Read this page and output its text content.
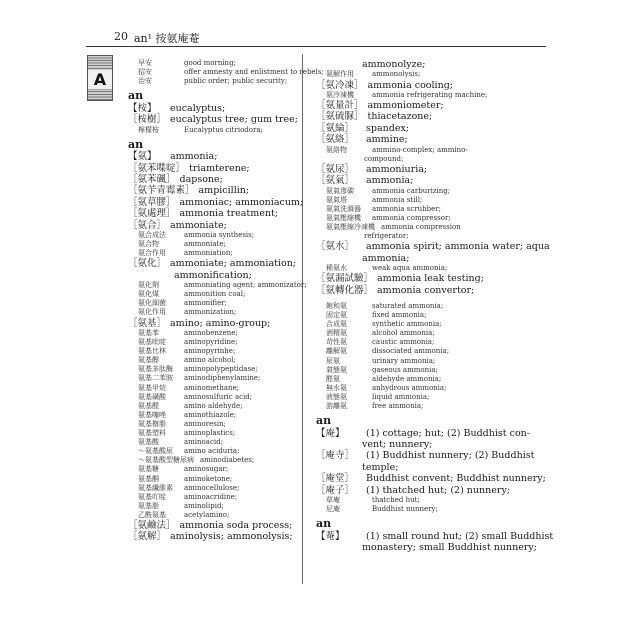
20 an¹ 按氨庵菴
A
早安	good morning;
招安	offer amnesty and enlistment to rebels;
治安	public order; public security;
an
【桉】 eucalyptus;
［桉樹］ eucalyptus tree; gum tree;
檸檬桉	Eucalyptus citriodora;
an
【氨】 ammonia;
［氨苯喋啶］ triamterene;
［氨苯碸］ dapsone;
［氨苄青霉素］ ampicillin;
［氨草膠］ ammoniac; ammoniacum;
［氨處理］ ammonia treatment;
［氨合］ ammoniate;
氨合成法	ammonia synthesis;
氨合物	ammoniate;
氨合作用	ammoniation;
［氨化］ ammoniate; ammoniation;
ammonification;
氨化劑	ammoniating agent; ammonizator;
氨化煤	ammonition coal;
氨化細菌	ammonifier;
氨化作用	ammonization;
［氨基］ amino; amino-group;
氨基苯	aminobenzene;
氨基吡啶	aminopyridine;
氨基比林	aminopyrinhe;
氨基醇	amino alcohol;
氨基多肽酶 aminopolypeptidase;
氨基二苯胺 aminodiphenylamine;
氨基甲烷	aminomethane;
氨基磺酸	aminosulfuric acid;
氨基醛	amino aldehyde;
氨基噻唑	aminothiazole;
氨基樹脂	aminoresin;
氨基塑料	aminoplastics;
氨基酸	aminoacid;
～氨基酸尿 amino aciduria;
～氨基酸型糖尿病 aminodiabetes;
氨基糖	aminosugar;
氨基酮	aminoketone;
氨基纖維素 aminocellulose;
氨基吖啶	aminoacridine;
氨基脂	aminolipid;
乙酰氨基	acetylamino;
［氨鹼法］ ammonia soda process;
［氨解］ aminolysis; ammonolysis;
ammonolyze;
氨解作用	ammonolysis;
［氨冷凍］ ammonia cooling;
氨冷凍機	ammonia refrigerating machine;
［氨量計］ ammoniometer;
［氨硫脲］ thiacetazone;
［氨綸］ spandex;
［氨絡］ ammine;
氨絡物	ammino-complex; ammino-
compound;
［氨尿］ ammoniuria;
［氨氣］ ammonia;
氨氣滲碳	ammonia carburizing;
氨氣塔	ammonia still;
氨氣洗滌器 ammonia scrubber;
氨氣壓縮機 ammonia compressor;
氨氣壓縮冷凍機 ammonia compression
refrigerator;
［氨水］ ammonia spirit; ammonia water; aqua
ammonia;
稀氨水	weak aqua ammonia;
［氨漏試驗］ ammonia leak testing;
［氨轉化器］ ammonia convertor;
飽和氨	saturated ammonia;
固定氨	fixed ammonia;
合成氨	synthetic ammonia;
酒精氨	alcohol ammonia;
苛性氨	caustic ammonia;
離解氨	dissociated ammonia;
尿氨	urinary ammonia;
氣態氨	gaseous ammonia;
醛氨	aldehyde ammonia;
無水氨	anhydrous ammonia;
液態氨	liquid ammonia;
游離氨	free ammonia;
an
【庵】 (1) cottage; hut; (2) Buddhist con-
vent; nunnery;
［庵寺］ (1) Buddhist nunnery; (2) Buddhist
temple;
［庵堂］ Buddhist convent; Buddhist nunnery;
［庵子］ (1) thatched hut; (2) nunnery;
草庵	thatched hut;
尼庵	Buddhist nunnery;
an
【菴】 (1) small round hut; (2) small Buddhist
monastery; small Buddhist nunnery;
